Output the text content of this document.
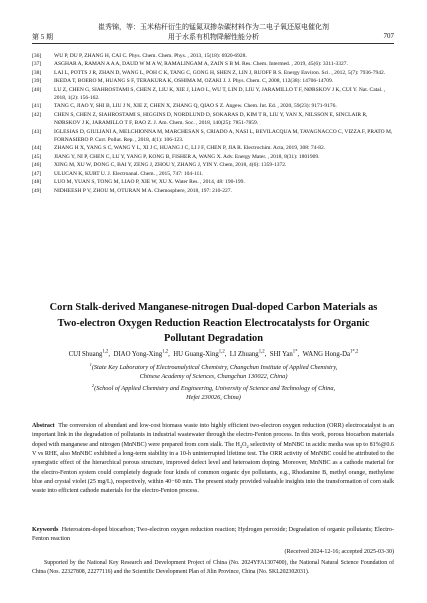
崔秀锦，等：玉米秸秆衍生的锰氮双掺杂碳材料作为二电子氧还原电催化剂
第 5 期	用于水系有机物降解性能分析	707
[36] WU P, DU P, ZHANG H, CAI C. Phys. Chem. Chem. Phys. , 2013, 15(18): 6920-6928.
[37] ASGHAR A, RAMAN A A A, DAUD W M A W, RAMALINGAM A, ZAIN S B M. Res. Chem. Intermed. , 2019, 45(6): 3311-3327.
[38] LAI L, POTTS J R, ZHAN D, WANG L, POH C K, TANG C, GONG H, SHEN Z, LIN J, RUOFF R S. Energy Environ. Sci. , 2012, 5(7): 7936-7942.
[39] IKEDA T, BOERO M, HUANG S F, TERAKURA K, OSHIMA M, OZAKI J. J. Phys. Chem. C, 2008, 112(38): 14706-14709.
[40] LU Z, CHEN G, SIAHROSTAMI S, CHEN Z, LIU K, XIE J, LIAO L, WU T, LIN D, LIU Y, JARAMILLO T F, NØRSKOV J K, CUI Y. Nat. Catal. , 2018, 1(2): 156-162.
[41] TANG C, JIAO Y, SHI B, LIU J N, XIE Z, CHEN X, ZHANG Q, QIAO S Z. Angew. Chem. Int. Ed. , 2020, 59(23): 9171-9176.
[42] CHEN S, CHEN Z, SIAHROSTAMI S, HIGGINS D, NORDLUND D, SOKARAS D, KIM T R, LIU Y, YAN X, NILSSON E, SINCLAIR R, NØRSKOV J K, JARAMILLO T F, BAO Z. J. Am. Chem. Soc. , 2018, 140(25): 7851-7859.
[43] IGLESIAS D, GIULIANI A, MELCHIONNA M, MARCHESAN S, CRIADO A, NASI L, BEVILACQUA M, TAVAGNACCO C, VIZZA F, PRATO M, FORNASIERO P. Curr. Pollut. Rep. , 2018, 4(1): 106-123.
[44] ZHANG H X, YANG S C, WANG Y L, XI J C, HUANG J C, LI J F, CHEN P, JIA R. Electrochim. Acta, 2019, 308: 74-82.
[45] JIANG Y, NI P, CHEN C, LU Y, YANG P, KONG B, FISHER A, WANG X. Adv. Energy Mater. , 2018, 8(31): 1801909.
[46] XING M, XU W, DONG C, BAI Y, ZENG J, ZHOU Y, ZHANG J, YIN Y. Chem, 2018, 4(6): 1359-1372.
[47] ULUCAN K, KURT U. J. Electroanal. Chem. , 2015, 747: 104-111.
[48] LUO M, YUAN S, TONG M, LIAO P, XIE W, XU X. Water Res. , 2014, 48: 190-199.
[49] NIDHEESH P V, ZHOU M, OTURAN M A. Chemosphere, 2018, 197: 210-227.
Corn Stalk-derived Manganese-nitrogen Dual-doped Carbon Materials as Two-electron Oxygen Reduction Reaction Electrocatalysts for Organic Pollutant Degradation
CUI Shuang$^{1,2}$, DIAO Yong-Xing$^{1,2}$, HU Guang-Xing$^{1,2}$, LI Zhuang$^{1,2}$, SHI Yan$^{1*}$, WANG Hong-$Da^{1*,2}$
$^1$(State Key Laboratory of Electroanalytical Chemistry, Changchun Institute of Applied Chemistry,
Chinese Academy of Sciences, Changchun 130022, China)
$^2$(School of Applied Chemistry and Engineering, University of Science and Technology of China,
Hefei 230026, China)

Abstract The conversion of abundant and low-cost biomass waste into highly efficient two-electron oxygen reduction (ORR) electrocatalyst is an important link in the degradation of pollutants in industrial wastewater through the electro-Fenton process. In this work, porous biocarbon materials doped with manganese and nitrogen (MnNBC) were prepared from corn stalk. The $H_2O_2$ selectivity of MnNBC in acidic media was up to 81%@0.6 V vs RHE, also MnNBC exhibited a long-term stability in a 10-h uninterrupted lifetime test. The ORR activity of MnNBC could be attributed to the synergistic effect of the hierarchical porous structure, improved defect level and heteroatom doping. Moreover, MnNBC as a cathode material for the electro-Fenton system could completely degrade four kinds of common organic dye pollutants, e.g., Rhodamine B, methyl orange, methylene blue and crystal violet (25 mg/L), respectively, within 40−60 min. The present study provided valuable insights into the transformation of corn stalk waste into efficient cathode materials for the electro-Fenton process.

Keywords Heteroatom-doped biocarbon; Two-electron oxygen reduction reaction; Hydrogen peroxide; Degradation of organic pollutants; Electro-Fenton reaction

(Received 2024-12-16; accepted 2025-03-30)

Supported by the National Key Research and Development Project of China (No. 2024YFA1307400), the National Natural Science Foundation of China (Nos. 22327808, 22277116) and the Scientific Development Plan of Jilin Province, China (No. SKL202302031).
